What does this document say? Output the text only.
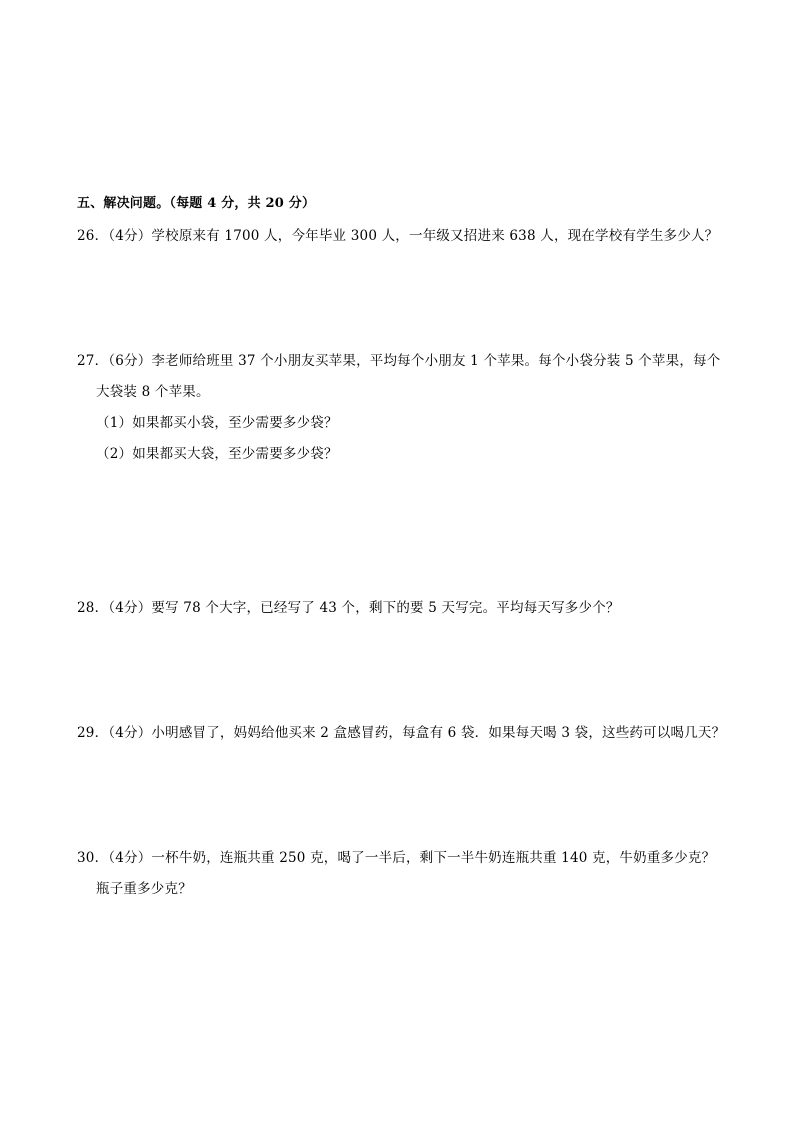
五、解决问题。（每题 4 分，共 20 分）
26．（4分）学校原来有 1700 人，今年毕业 300 人，一年级又招进来 638 人，现在学校有学生多少人？
27．（6分）李老师给班里 37 个小朋友买苹果，平均每个小朋友 1 个苹果。每个小袋分装 5 个苹果，每个
大袋装 8 个苹果。
（1）如果都买小袋，至少需要多少袋？
（2）如果都买大袋，至少需要多少袋？
28．（4分）要写 78 个大字，已经写了 43 个，剩下的要 5 天写完。平均每天写多少个？
29．（4分）小明感冒了，妈妈给他买来 2 盒感冒药，每盒有 6 袋．如果每天喝 3 袋，这些药可以喝几天？
30．（4分）一杯牛奶，连瓶共重 250 克，喝了一半后，剩下一半牛奶连瓶共重 140 克，牛奶重多少克？
瓶子重多少克？
